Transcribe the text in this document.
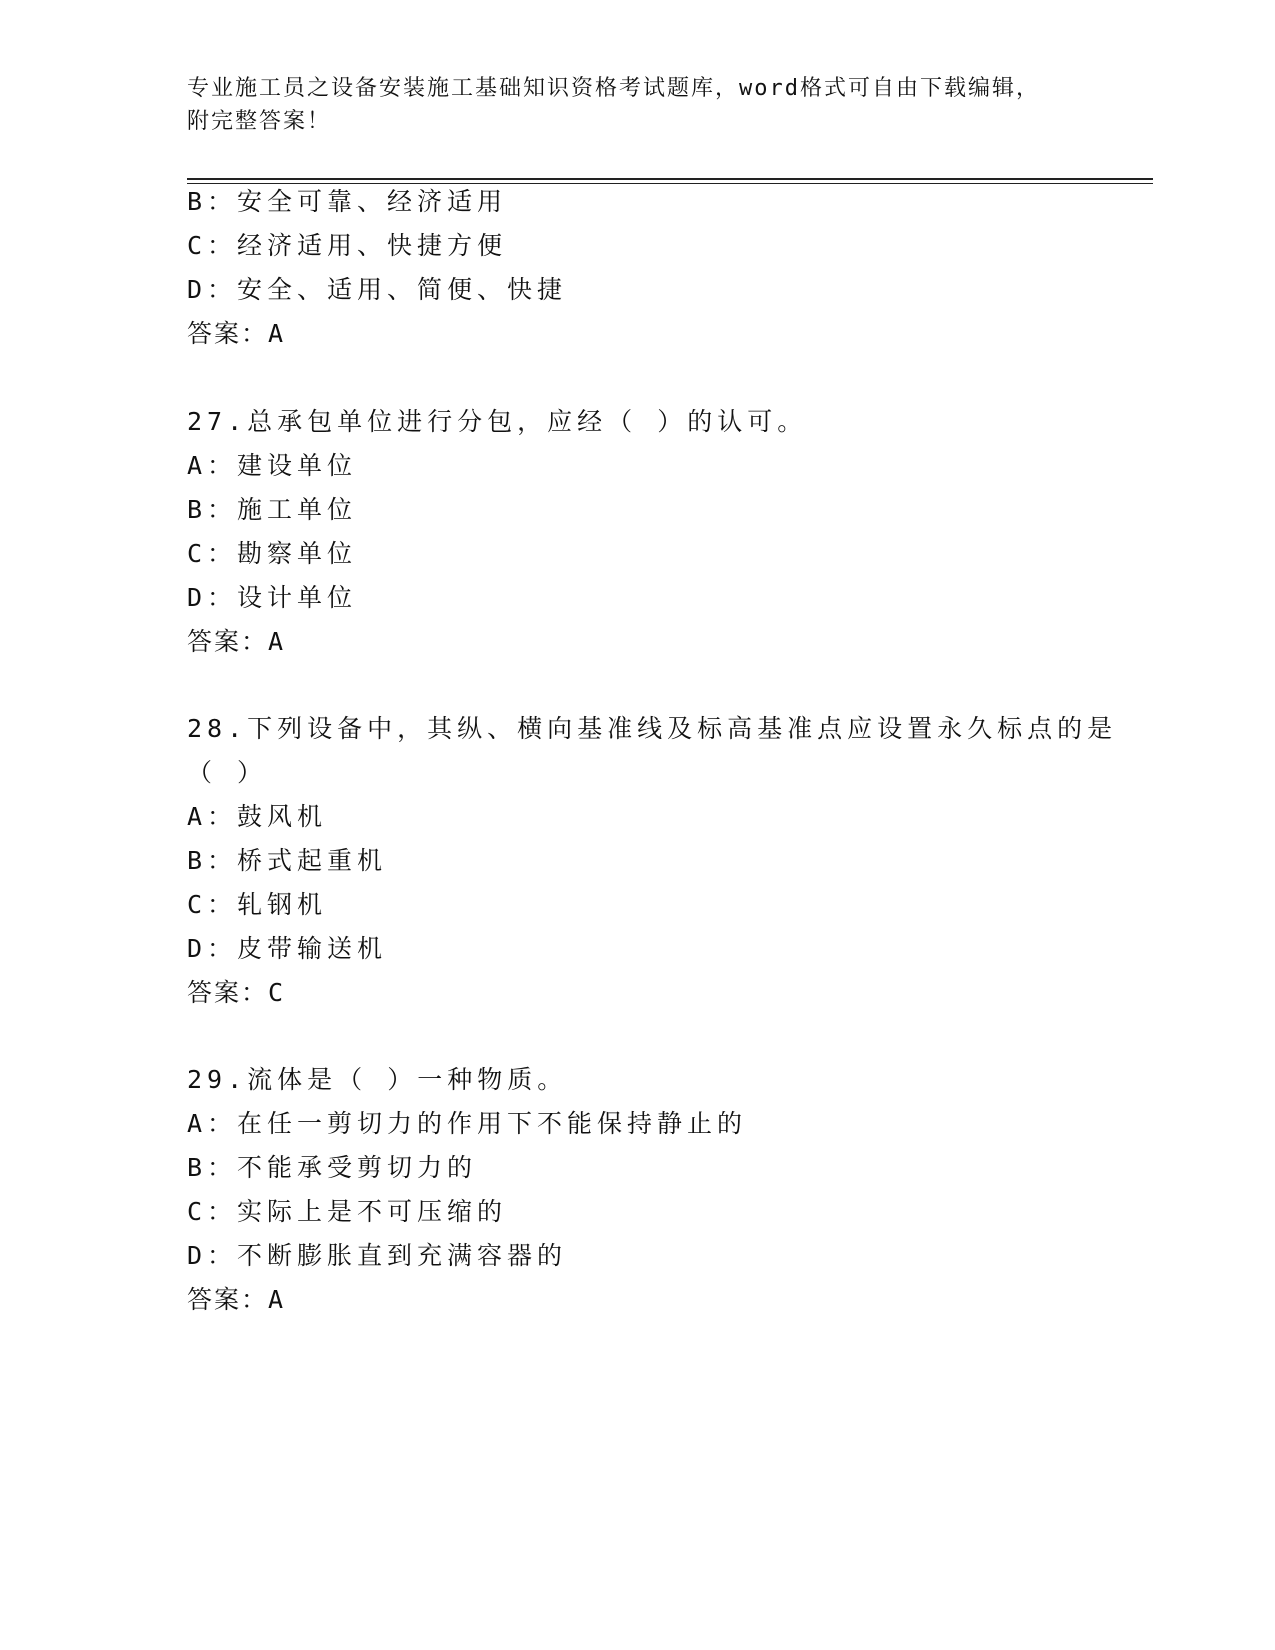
专业施工员之设备安装施工基础知识资格考试题库，word格式可自由下载编辑，
附完整答案！
B：安全可靠、经济适用
C：经济适用、快捷方便
D：安全、适用、简便、快捷
答案：A
27.总承包单位进行分包，应经（ ）的认可。
A：建设单位
B：施工单位
C：勘察单位
D：设计单位
答案：A
28.下列设备中，其纵、横向基准线及标高基准点应设置永久标点的是
（ ）
A：鼓风机
B：桥式起重机
C：轧钢机
D：皮带输送机
答案：C
29.流体是（ ）一种物质。
A：在任一剪切力的作用下不能保持静止的
B：不能承受剪切力的
C：实际上是不可压缩的
D：不断膨胀直到充满容器的
答案：A
